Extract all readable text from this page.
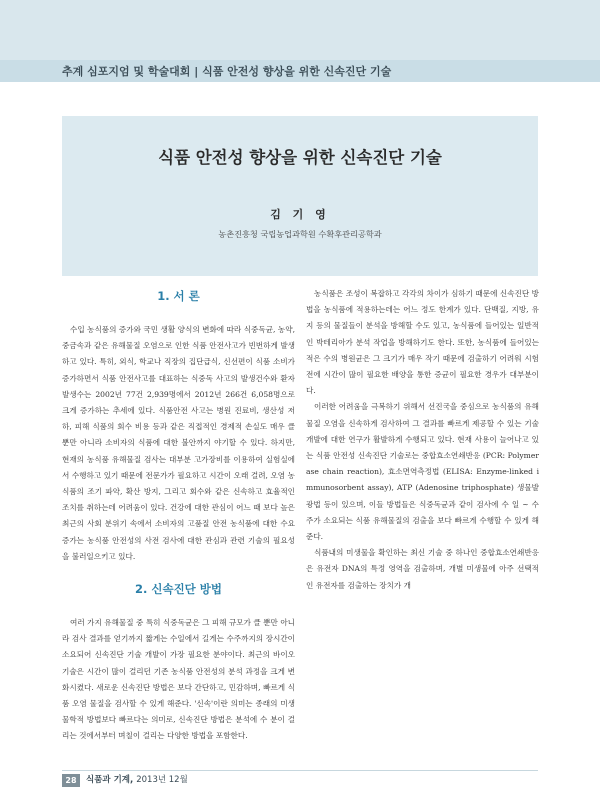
추계 심포지엄 및 학술대회 | 식품 안전성 향상을 위한 신속진단 기술
식품 안전성 향상을 위한 신속진단 기술
김 기 영
농촌진흥청 국립농업과학원 수확후관리공학과
1. 서 론

수입 농식품의 증가와 국민 생활 양식의 변화에 따라 식중독균, 농약, 중금속과 같은 유해물질 오염으로 인한 식품 안전사고가 빈번하게 발생하고 있다. 특히, 외식, 학교나 직장의 집단급식, 신선편이 식품 소비가 증가하면서 식품 안전사고를 대표하는 식중독 사고의 발생건수와 환자 발생수는 2002년 77건 2,939명에서 2012년 266건 6,058명으로 크게 증가하는 추세에 있다. 식품안전 사고는 병원 진료비, 생산성 저하, 피해 식품의 회수 비용 등과 같은 직접적인 경제적 손실도 매우 클 뿐만 아니라 소비자의 식품에 대한 불안까지 야기할 수 있다. 하지만, 현재의 농식품 유해물질 검사는 대부분 고가장비를 이용하여 실험실에서 수행하고 있기 때문에 전문가가 필요하고 시간이 오래 걸려, 오염 농식품의 조기 파악, 확산 방지, 그리고 회수와 같은 신속하고 효율적인 조치를 취하는데 어려움이 있다. 건강에 대한 관심이 어느 때 보다 높은 최근의 사회 분위기 속에서 소비자의 고품질 안전 농식품에 대한 수요 증가는 농식품 안전성의 사전 검사에 대한 관심과 관련 기술의 필요성을 불러일으키고 있다.

2. 신속진단 방법

여러 가지 유해물질 중 특히 식중독균은 그 피해 규모가 클 뿐만 아니라 검사 결과를 얻기까지 짧게는 수일에서 길게는 수주까지의 장시간이 소요되어 신속진단 기술 개발이 가장 필요한 분야이다. 최근의 바이오기술은 시간이 많이 걸리던 기존 농식품 안전성의 분석 과정을 크게 변화시켰다. 새로운 신속진단 방법은 보다 간단하고, 민감하며, 빠르게 식품 오염 물질을 검사할 수 있게 해준다. '신속'이란 의미는 종래의 미생물학적 방법보다 빠르다는 의미로, 신속진단 방법은 분석에 수 분이 걸리는 것에서부터 며칠이 걸리는 다양한 방법을 포함한다.

농식품은 조성이 복잡하고 각각의 차이가 심하기 때문에 신속진단 방법을 농식품에 적용하는데는 어느 정도 한계가 있다. 단백질, 지방, 유지 등의 물질들이 분석을 방해할 수도 있고, 농식품에 들어있는 일반적인 박테리아가 분석 작업을 방해하기도 한다. 또한, 농식품에 들어있는 적은 수의 병원균은 그 크기가 매우 작기 때문에 검출하기 어려워 시험 전에 시간이 많이 필요한 배양을 통한 증균이 필요한 경우가 대부분이다.

이러한 어려움을 극복하기 위해서 선진국을 중심으로 농식품의 유해물질 오염을 신속하게 검사하여 그 결과를 빠르게 제공할 수 있는 기술 개발에 대한 연구가 활발하게 수행되고 있다. 현재 사용이 늘어나고 있는 식품 안전성 신속진단 기술로는 중합효소연쇄반응 (PCR: Polymerase chain reaction), 효소면역측정법 (ELISA: Enzyme-linked immunosorbent assay), ATP (Adenosine triphosphate) 생물발광법 등이 있으며, 이들 방법들은 식중독균과 같이 검사에 수 일 ~ 수 주가 소요되는 식품 유해물질의 검출을 보다 빠르게 수행할 수 있게 해준다.

식품내의 미생물을 확인하는 최신 기술 중 하나인 중합효소연쇄반응은 유전자 DNA의 특정 영역을 검출하며, 개별 미생물에 아주 선택적인 유전자를 검출하는 장치가 개

28	식품과 기계, 2013년 12월
